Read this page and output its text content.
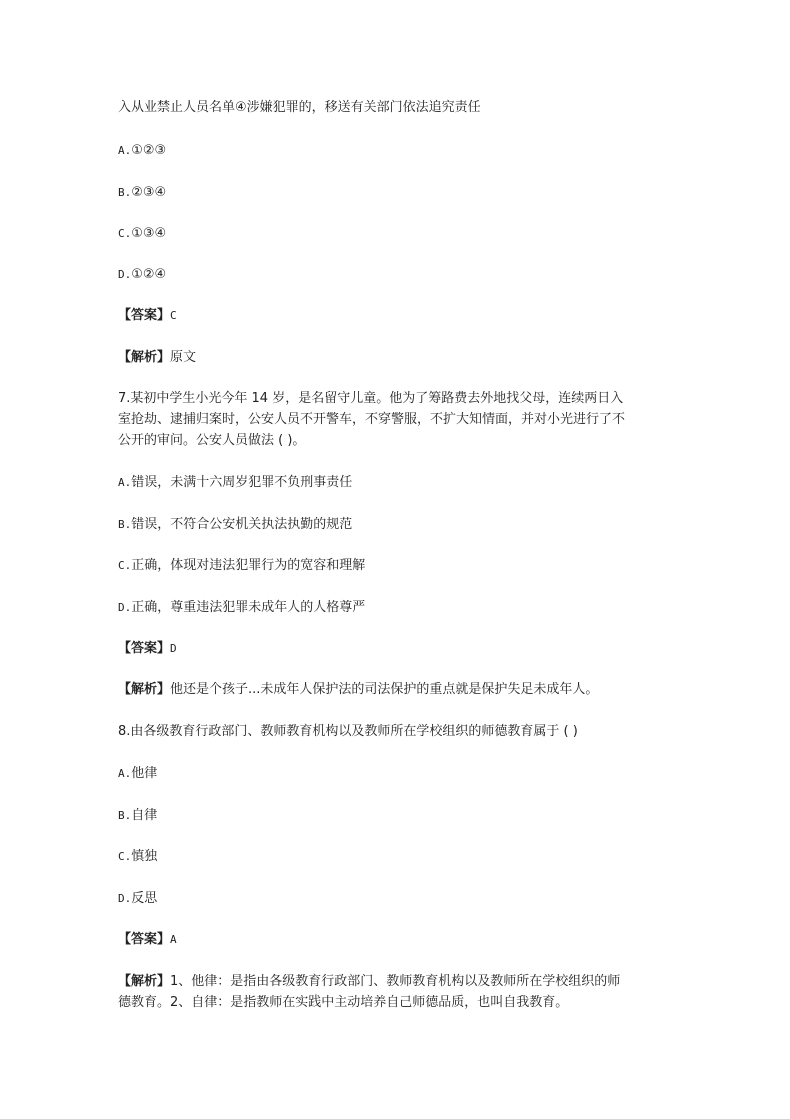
入从业禁止人员名单④涉嫌犯罪的，移送有关部门依法追究责任
A.①②③
B.②③④
C.①③④
D.①②④
【答案】C
【解析】原文
7.某初中学生小光今年 14 岁，是名留守儿童。他为了筹路费去外地找父母，连续两日入
室抢劫、逮捕归案时，公安人员不开警车，不穿警服，不扩大知情面，并对小光进行了不
公开的审问。公安人员做法 ( )。
A.错误，未满十六周岁犯罪不负刑事责任
B.错误，不符合公安机关执法执勤的规范
C.正确，体现对违法犯罪行为的宽容和理解
D.正确，尊重违法犯罪未成年人的人格尊严
【答案】D
【解析】他还是个孩子...未成年人保护法的司法保护的重点就是保护失足未成年人。
8.由各级教育行政部门、教师教育机构以及教师所在学校组织的师德教育属于 ( )
A.他律
B.自律
C.慎独
D.反思
【答案】A
【解析】1、他律：是指由各级教育行政部门、教师教育机构以及教师所在学校组织的师
德教育。2、自律：是指教师在实践中主动培养自己师德品质，也叫自我教育。
